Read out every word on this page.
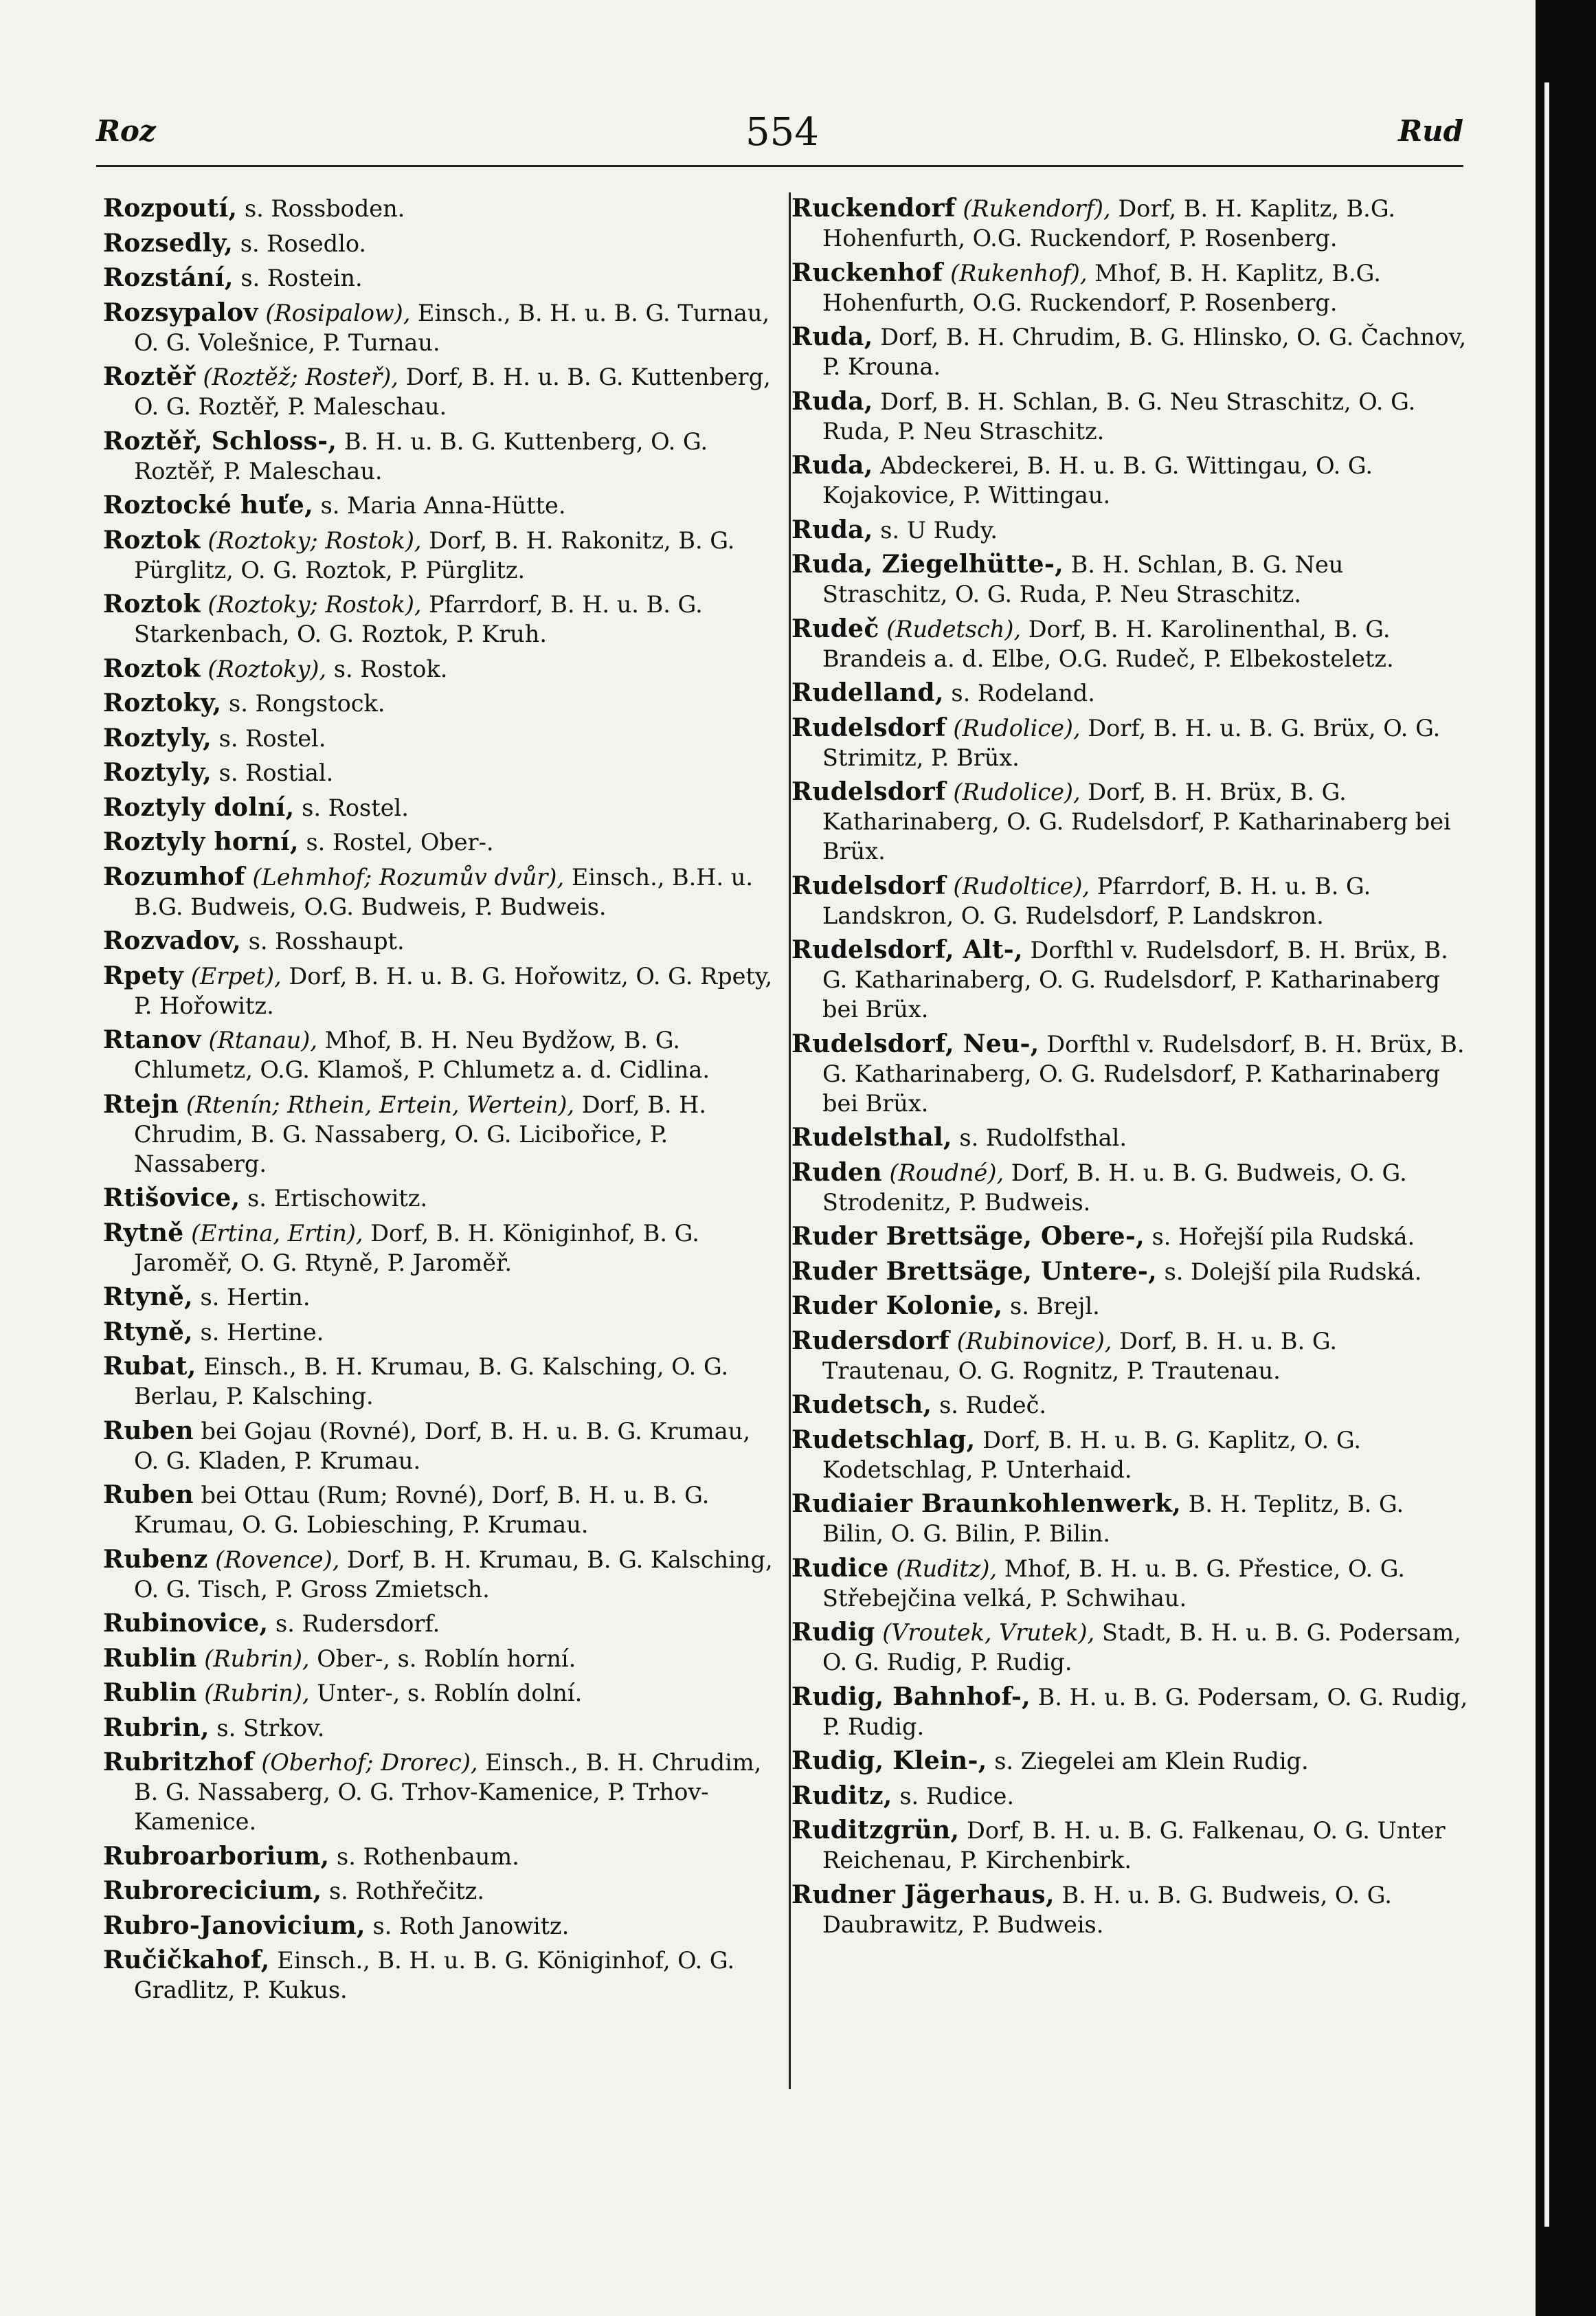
Roz	554	Rud
Rozpoutí, s. Rossboden.
Rozsedly, s. Rosedlo.
Rozstání, s. Rostein.
Rozsypalov (Rosipalow), Einsch., B. H. u. B. G. Turnau, O. G. Volešnice, P. Turnau.
Roztěř (Roztěž; Rosteř), Dorf, B. H. u. B. G. Kuttenberg, O. G. Roztěř, P. Maleschau.
Roztěř, Schloss-, B. H. u. B. G. Kuttenberg, O. G. Roztěř, P. Maleschau.
Roztocké huťe, s. Maria Anna-Hütte.
Roztok (Roztoky; Rostok), Dorf, B. H. Rakonitz, B. G. Pürglitz, O. G. Roztok, P. Pürglitz.
Roztok (Roztoky; Rostok), Pfarrdorf, B. H. u. B. G. Starkenbach, O. G. Roztok, P. Kruh.
Roztok (Roztoky), s. Rostok.
Roztoky, s. Rongstock.
Roztyly, s. Rostel.
Roztyly, s. Rostial.
Roztyly dolní, s. Rostel.
Roztyly horní, s. Rostel, Ober-.
Rozumhof (Lehmhof; Rozumův dvůr), Einsch., B.H. u. B.G. Budweis, O.G. Budweis, P. Budweis.
Rozvadov, s. Rosshaupt.
Rpety (Erpet), Dorf, B. H. u. B. G. Hořowitz, O. G. Rpety, P. Hořowitz.
Rtanov (Rtanau), Mhof, B. H. Neu Bydžow, B. G. Chlumetz, O.G. Klamoš, P. Chlumetz a. d. Cidlina.
Rtejn (Rtenín; Rthein, Ertein, Wertein), Dorf, B. H. Chrudim, B. G. Nassaberg, O. G. Licibořice, P. Nassaberg.
Rtišovice, s. Ertischowitz.
Rytně (Ertina, Ertin), Dorf, B. H. Königinhof, B. G. Jaroměř, O. G. Rtyně, P. Jaroměř.
Rtyně, s. Hertin.
Rtyně, s. Hertine.
Rubat, Einsch., B. H. Krumau, B. G. Kalsching, O. G. Berlau, P. Kalsching.
Ruben bei Gojau (Rovné), Dorf, B. H. u. B. G. Krumau, O. G. Kladen, P. Krumau.
Ruben bei Ottau (Rum; Rovné), Dorf, B. H. u. B. G. Krumau, O. G. Lobiesching, P. Krumau.
Rubenz (Rovence), Dorf, B. H. Krumau, B. G. Kalsching, O. G. Tisch, P. Gross Zmietsch.
Rubinovice, s. Rudersdorf.
Rublin (Rubrin), Ober-, s. Roblín horní.
Rublin (Rubrin), Unter-, s. Roblín dolní.
Rubrin, s. Strkov.
Rubritzhof (Oberhof; Drorec), Einsch., B. H. Chrudim, B. G. Nassaberg, O. G. Trhov-Kamenice, P. Trhov-Kamenice.
Rubroarborium, s. Rothenbaum.
Rubrorecicium, s. Rothřečitz.
Rubro-Janovicium, s. Roth Janowitz.
Ručičkahof, Einsch., B. H. u. B. G. Königinhof, O. G. Gradlitz, P. Kukus.
Ruckendorf (Rukendorf), Dorf, B. H. Kaplitz, B.G. Hohenfurth, O.G. Ruckendorf, P. Rosenberg.
Ruckenhof (Rukenhof), Mhof, B. H. Kaplitz, B.G. Hohenfurth, O.G. Ruckendorf, P. Rosenberg.
Ruda, Dorf, B. H. Chrudim, B. G. Hlinsko, O. G. Čachnov, P. Krouna.
Ruda, Dorf, B. H. Schlan, B. G. Neu Straschitz, O. G. Ruda, P. Neu Straschitz.
Ruda, Abdeckerei, B. H. u. B. G. Wittingau, O. G. Kojakovice, P. Wittingau.
Ruda, s. U Rudy.
Ruda, Ziegelhütte-, B. H. Schlan, B. G. Neu Straschitz, O. G. Ruda, P. Neu Straschitz.
Rudeč (Rudetsch), Dorf, B. H. Karolinenthal, B. G. Brandeis a. d. Elbe, O.G. Rudeč, P. Elbekosteletz.
Rudelland, s. Rodeland.
Rudelsdorf (Rudolice), Dorf, B. H. u. B. G. Brüx, O. G. Strimitz, P. Brüx.
Rudelsdorf (Rudolice), Dorf, B. H. Brüx, B. G. Katharinaberg, O. G. Rudelsdorf, P. Katharinaberg bei Brüx.
Rudelsdorf (Rudoltice), Pfarrdorf, B. H. u. B. G. Landskron, O. G. Rudelsdorf, P. Landskron.
Rudelsdorf, Alt-, Dorfthl v. Rudelsdorf, B. H. Brüx, B. G. Katharinaberg, O. G. Rudelsdorf, P. Katharinaberg bei Brüx.
Rudelsdorf, Neu-, Dorfthl v. Rudelsdorf, B. H. Brüx, B. G. Katharinaberg, O. G. Rudelsdorf, P. Katharinaberg bei Brüx.
Rudelsthal, s. Rudolfsthal.
Ruden (Roudné), Dorf, B. H. u. B. G. Budweis, O. G. Strodenitz, P. Budweis.
Ruder Brettsäge, Obere-, s. Hořejší pila Rudská.
Ruder Brettsäge, Untere-, s. Dolejší pila Rudská.
Ruder Kolonie, s. Brejl.
Rudersdorf (Rubinovice), Dorf, B. H. u. B. G. Trautenau, O. G. Rognitz, P. Trautenau.
Rudetsch, s. Rudeč.
Rudetschlag, Dorf, B. H. u. B. G. Kaplitz, O. G. Kodetschlag, P. Unterhaid.
Rudiaier Braunkohlenwerk, B. H. Teplitz, B. G. Bilin, O. G. Bilin, P. Bilin.
Rudice (Ruditz), Mhof, B. H. u. B. G. Přestice, O. G. Střebejčina velká, P. Schwihau.
Rudig (Vroutek, Vrutek), Stadt, B. H. u. B. G. Podersam, O. G. Rudig, P. Rudig.
Rudig, Bahnhof-, B. H. u. B. G. Podersam, O. G. Rudig, P. Rudig.
Rudig, Klein-, s. Ziegelei am Klein Rudig.
Ruditz, s. Rudice.
Ruditzgrün, Dorf, B. H. u. B. G. Falkenau, O. G. Unter Reichenau, P. Kirchenbirk.
Rudner Jägerhaus, B. H. u. B. G. Budweis, O. G. Daubrawitz, P. Budweis.
